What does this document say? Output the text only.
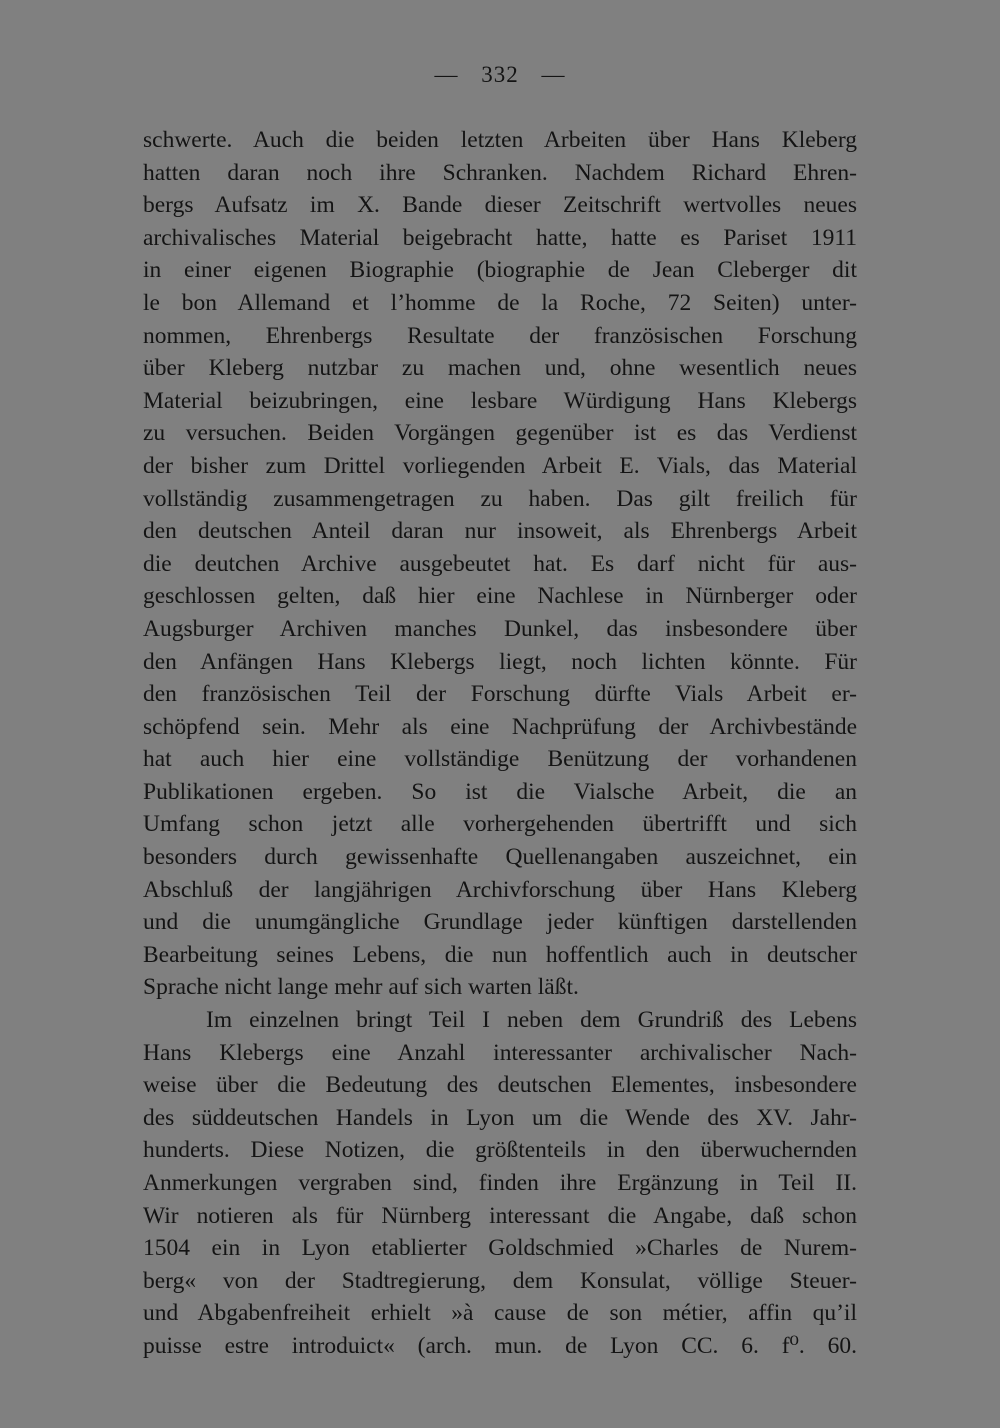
— 332 —
schwerte. Auch die beiden letzten Arbeiten über Hans Kleberg
hatten daran noch ihre Schranken. Nachdem Richard Ehren-
bergs Aufsatz im X. Bande dieser Zeitschrift wertvolles neues
archivalisches Material beigebracht hatte, hatte es Pariset 1911
in einer eigenen Biographie (biographie de Jean Cleberger dit
le bon Allemand et l’homme de la Roche, 72 Seiten) unter-
nommen, Ehrenbergs Resultate der französischen Forschung
über Kleberg nutzbar zu machen und, ohne wesentlich neues
Material beizubringen, eine lesbare Würdigung Hans Klebergs
zu versuchen. Beiden Vorgängen gegenüber ist es das Verdienst
der bisher zum Drittel vorliegenden Arbeit E. Vials, das Material
vollständig zusammengetragen zu haben. Das gilt freilich für
den deutschen Anteil daran nur insoweit, als Ehrenbergs Arbeit
die deutchen Archive ausgebeutet hat. Es darf nicht für aus-
geschlossen gelten, daß hier eine Nachlese in Nürnberger oder
Augsburger Archiven manches Dunkel, das insbesondere über
den Anfängen Hans Klebergs liegt, noch lichten könnte. Für
den französischen Teil der Forschung dürfte Vials Arbeit er-
schöpfend sein. Mehr als eine Nachprüfung der Archivbestände
hat auch hier eine vollständige Benützung der vorhandenen
Publikationen ergeben. So ist die Vialsche Arbeit, die an
Umfang schon jetzt alle vorhergehenden übertrifft und sich
besonders durch gewissenhafte Quellenangaben auszeichnet, ein
Abschluß der langjährigen Archivforschung über Hans Kleberg
und die unumgängliche Grundlage jeder künftigen darstellenden
Bearbeitung seines Lebens, die nun hoffentlich auch in deutscher
Sprache nicht lange mehr auf sich warten läßt.
Im einzelnen bringt Teil I neben dem Grundriß des Lebens
Hans Klebergs eine Anzahl interessanter archivalischer Nach-
weise über die Bedeutung des deutschen Elementes, insbesondere
des süddeutschen Handels in Lyon um die Wende des XV. Jahr-
hunderts. Diese Notizen, die größtenteils in den überwuchernden
Anmerkungen vergraben sind, finden ihre Ergänzung in Teil II.
Wir notieren als für Nürnberg interessant die Angabe, daß schon
1504 ein in Lyon etablierter Goldschmied »Charles de Nurem-
berg« von der Stadtregierung, dem Konsulat, völlige Steuer-
und Abgabenfreiheit erhielt »à cause de son métier, affin qu’il
puisse estre introduict« (arch. mun. de Lyon CC. 6. f⁰. 60.
